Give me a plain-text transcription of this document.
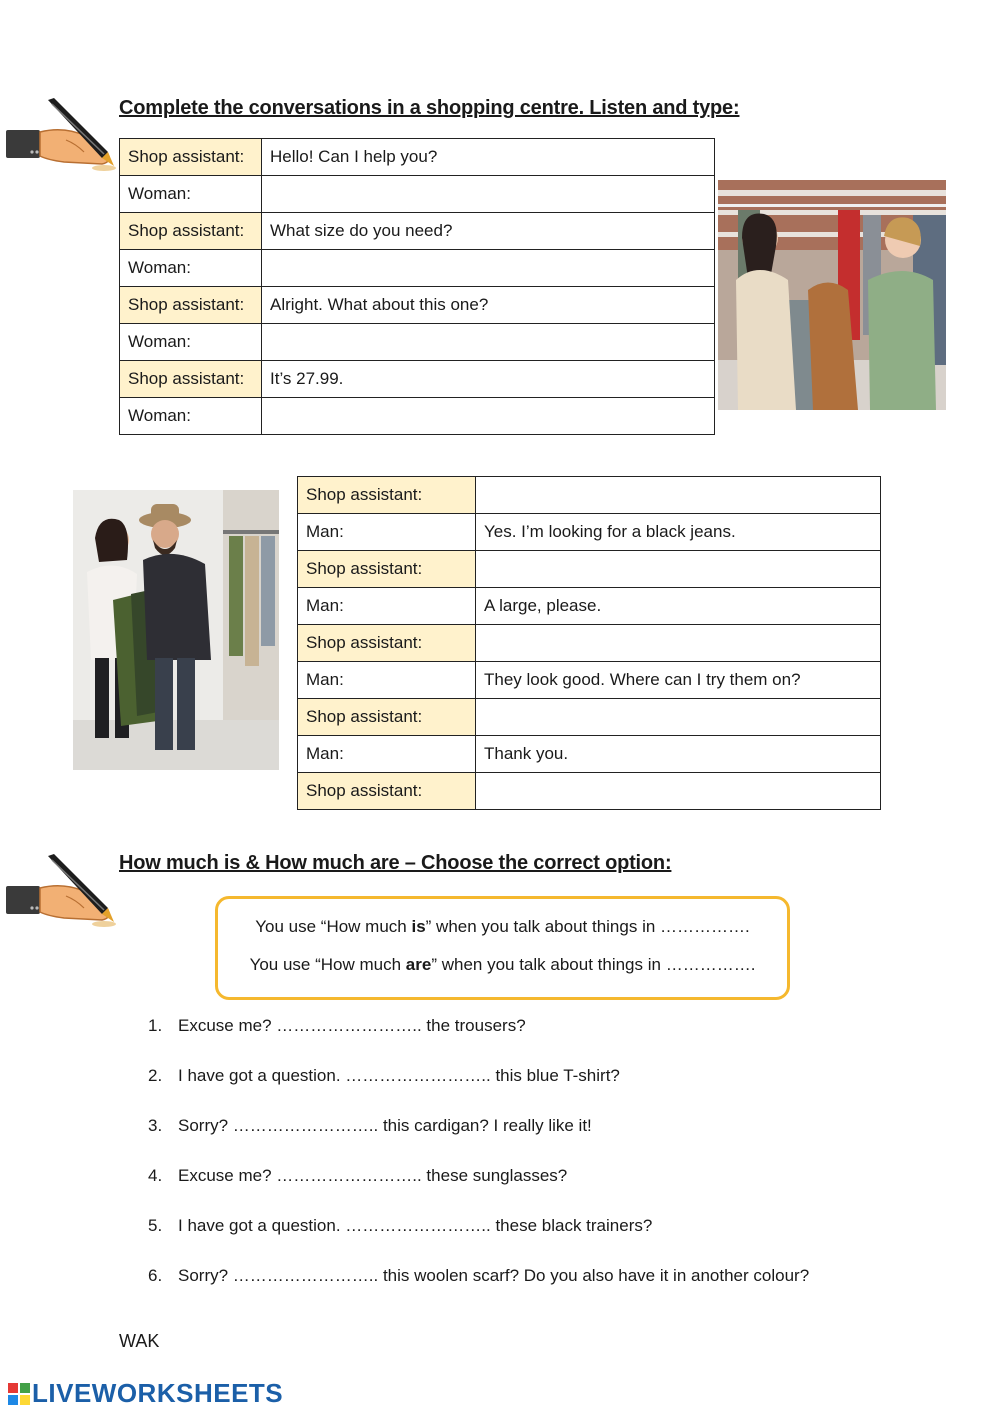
Complete the conversations in a shopping centre. Listen and type:
Shop assistant:	Hello! Can I help you?
Woman:	
Shop assistant:	What size do you need?
Woman:	
Shop assistant:	Alright. What about this one?
Woman:	
Shop assistant:	It’s 27.99.
Woman:	
Shop assistant:	
Man:	Yes. I’m looking for a black jeans.
Shop assistant:	
Man:	A large, please.
Shop assistant:	
Man:	They look good. Where can I try them on?
Shop assistant:	
Man:	Thank you.
Shop assistant:	
How much is & How much are – Choose the correct option:

You use “How much is” when you talk about things in …………….

You use “How much are” when you talk about things in …………….

1. Excuse me? …………………….. the trousers?
2. I have got a question. …………………….. this blue T-shirt?
3. Sorry? …………………….. this cardigan? I really like it!
4. Excuse me? …………………….. these sunglasses?
5. I have got a question. …………………….. these black trainers?
6. Sorry? …………………….. this woolen scarf? Do you also have it in another colour?
WAK
LIVEWORKSHEETS
